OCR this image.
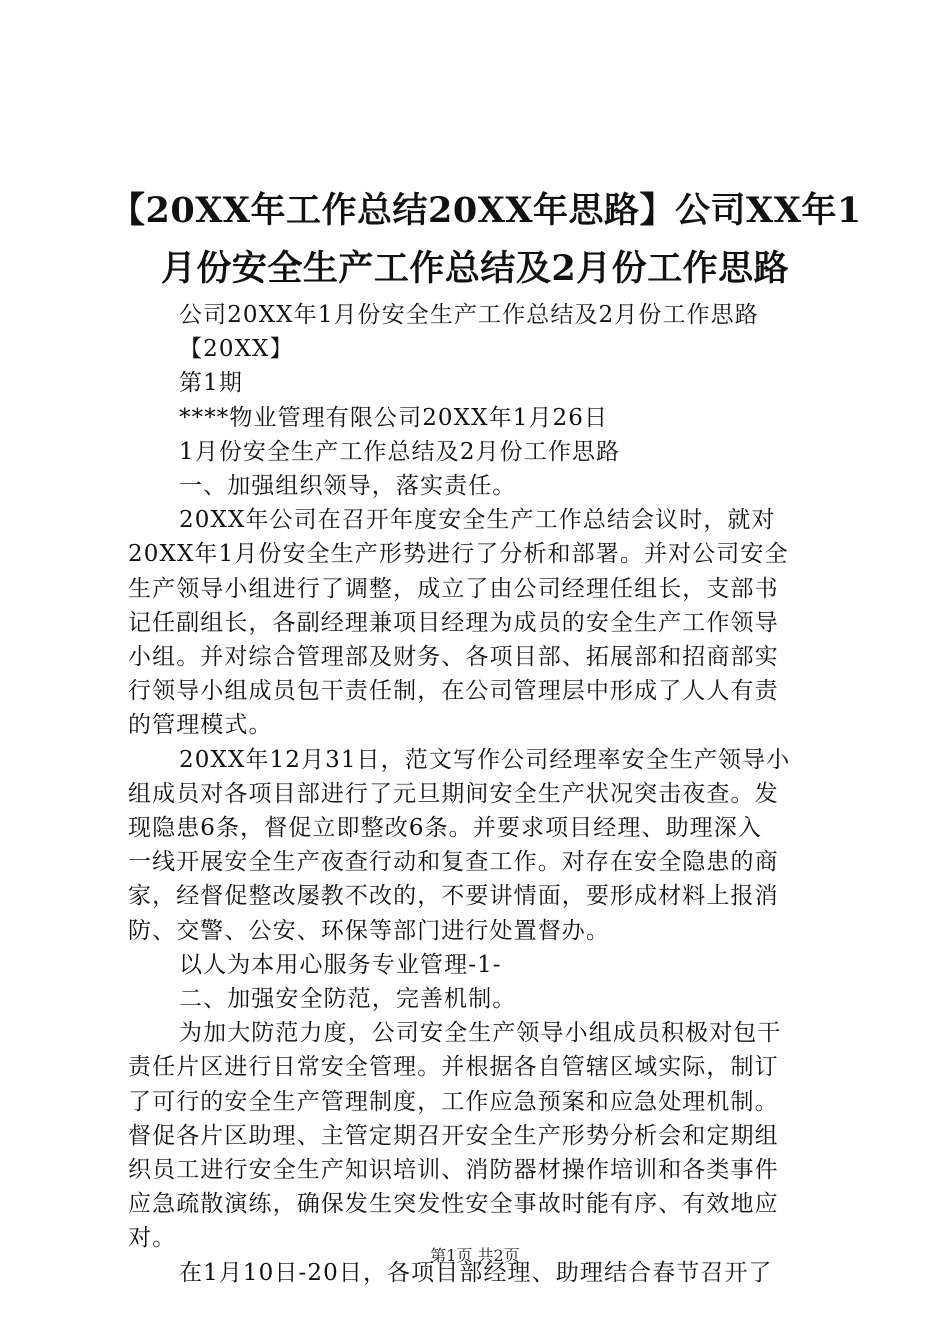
【20XX年工作总结20XX年思路】公司XX年1
月份安全生产工作总结及2月份工作思路

公司20XX年1月份安全生产工作总结及2月份工作思路

【20XX】

第1期

****物业管理有限公司20XX年1月26日

1月份安全生产工作总结及2月份工作思路

一、加强组织领导，落实责任。

20XX年公司在召开年度安全生产工作总结会议时，就对

20XX年1月份安全生产形势进行了分析和部署。并对公司安全

生产领导小组进行了调整，成立了由公司经理任组长，支部书

记任副组长，各副经理兼项目经理为成员的安全生产工作领导

小组。并对综合管理部及财务、各项目部、拓展部和招商部实

行领导小组成员包干责任制，在公司管理层中形成了人人有责

的管理模式。

20XX年12月31日，范文写作公司经理率安全生产领导小

组成员对各项目部进行了元旦期间安全生产状况突击夜查。发

现隐患6条，督促立即整改6条。并要求项目经理、助理深入

一线开展安全生产夜查行动和复查工作。对存在安全隐患的商

家，经督促整改屡教不改的，不要讲情面，要形成材料上报消

防、交警、公安、环保等部门进行处置督办。

以人为本用心服务专业管理-1-

二、加强安全防范，完善机制。

为加大防范力度，公司安全生产领导小组成员积极对包干

责任片区进行日常安全管理。并根据各自管辖区域实际，制订

了可行的安全生产管理制度，工作应急预案和应急处理机制。

督促各片区助理、主管定期召开安全生产形势分析会和定期组

织员工进行安全生产知识培训、消防器材操作培训和各类事件

应急疏散演练，确保发生突发性安全事故时能有序、有效地应

对。

在1月10日-20日，各项目部经理、助理结合春节召开了

第1页 共2页
